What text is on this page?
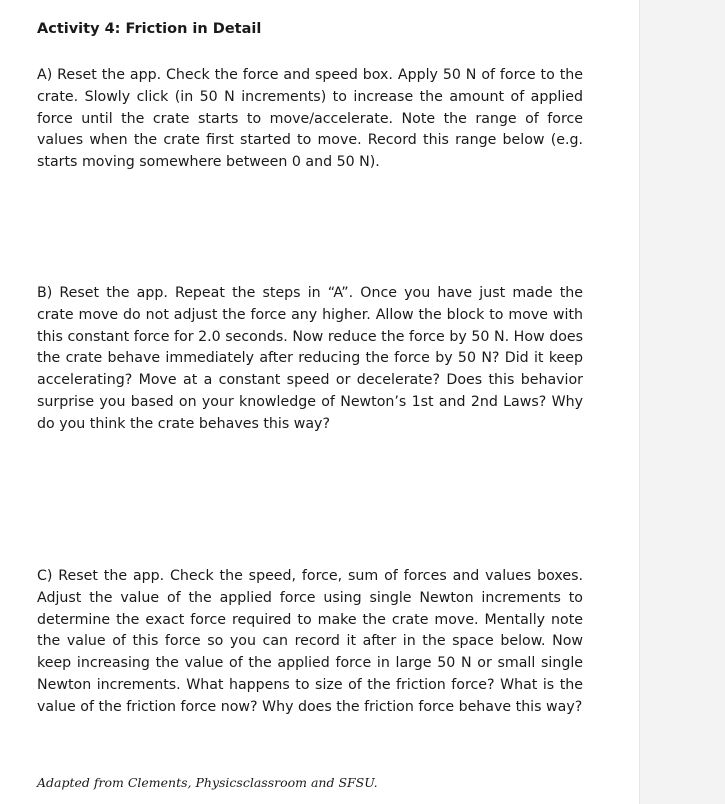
Activity 4: Friction in Detail

A) Reset the app. Check the force and speed box. Apply 50 N of force to the crate. Slowly click (in 50 N increments) to increase the amount of applied force until the crate starts to move/accelerate. Note the range of force values when the crate first started to move. Record this range below (e.g. starts moving somewhere between 0 and 50 N).

B) Reset the app. Repeat the steps in “A”. Once you have just made the crate move do not adjust the force any higher. Allow the block to move with this constant force for 2.0 seconds. Now reduce the force by 50 N. How does the crate behave immediately after reducing the force by 50 N? Did it keep accelerating? Move at a constant speed or decelerate? Does this behavior surprise you based on your knowledge of Newton’s 1st and 2nd Laws? Why do you think the crate behaves this way?

C) Reset the app. Check the speed, force, sum of forces and values boxes. Adjust the value of the applied force using single Newton increments to determine the exact force required to make the crate move. Mentally note the value of this force so you can record it after in the space below. Now keep increasing the value of the applied force in large 50 N or small single Newton increments. What happens to size of the friction force? What is the value of the friction force now? Why does the friction force behave this way?

Adapted from Clements, Physicsclassroom and SFSU.
